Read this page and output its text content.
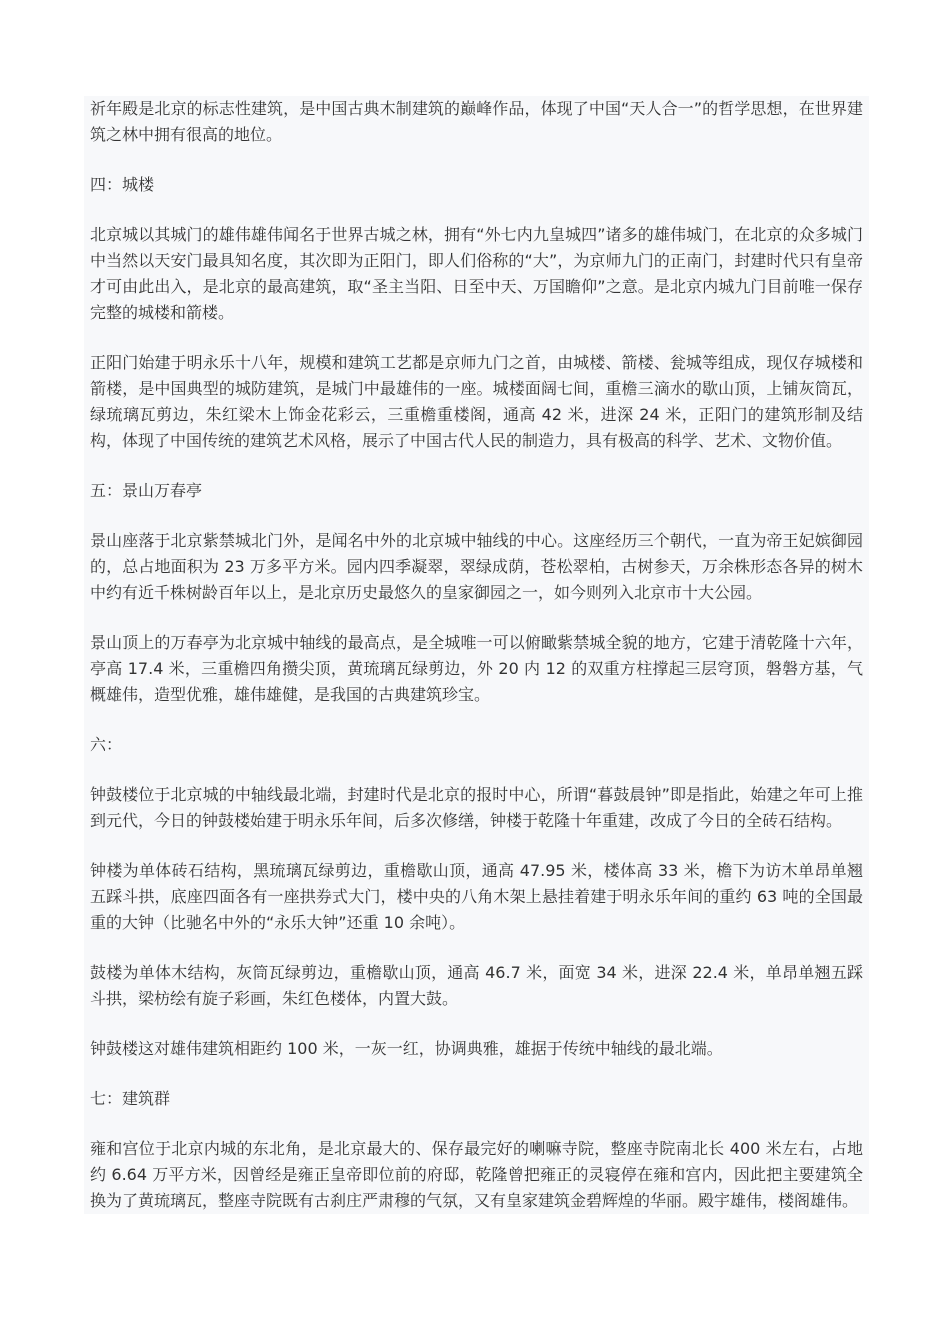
祈年殿是北京的标志性建筑，是中国古典木制建筑的巅峰作品，体现了中国“天人合一”的哲学思想，在世界建筑之林中拥有很高的地位。

四：城楼

北京城以其城门的雄伟雄伟闻名于世界古城之林，拥有“外七内九皇城四”诸多的雄伟城门，在北京的众多城门中当然以天安门最具知名度，其次即为正阳门，即人们俗称的“大”，为京师九门的正南门，封建时代只有皇帝才可由此出入，是北京的最高建筑，取“圣主当阳、日至中天、万国瞻仰”之意。是北京内城九门目前唯一保存完整的城楼和箭楼。

正阳门始建于明永乐十八年，规模和建筑工艺都是京师九门之首，由城楼、箭楼、瓮城等组成，现仅存城楼和箭楼，是中国典型的城防建筑，是城门中最雄伟的一座。城楼面阔七间，重檐三滴水的歇山顶，上铺灰筒瓦，绿琉璃瓦剪边，朱红梁木上饰金花彩云，三重檐重楼阁，通高 42 米，进深 24 米，正阳门的建筑形制及结构，体现了中国传统的建筑艺术风格，展示了中国古代人民的制造力，具有极高的科学、艺术、文物价值。

五：景山万春亭

景山座落于北京紫禁城北门外，是闻名中外的北京城中轴线的中心。这座经历三个朝代，一直为帝王妃嫔御园的，总占地面积为 23 万多平方米。园内四季凝翠，翠绿成荫，苍松翠柏，古树参天，万余株形态各异的树木中约有近千株树龄百年以上，是北京历史最悠久的皇家御园之一，如今则列入北京市十大公园。

景山顶上的万春亭为北京城中轴线的最高点，是全城唯一可以俯瞰紫禁城全貌的地方，它建于清乾隆十六年，亭高 17.4 米，三重檐四角攒尖顶，黄琉璃瓦绿剪边，外 20 内 12 的双重方柱撑起三层穹顶，磐磐方基，气概雄伟，造型优雅，雄伟雄健，是我国的古典建筑珍宝。

六：

钟鼓楼位于北京城的中轴线最北端，封建时代是北京的报时中心，所谓“暮鼓晨钟”即是指此，始建之年可上推到元代，今日的钟鼓楼始建于明永乐年间，后多次修缮，钟楼于乾隆十年重建，改成了今日的全砖石结构。

钟楼为单体砖石结构，黑琉璃瓦绿剪边，重檐歇山顶，通高 47.95 米，楼体高 33 米，檐下为访木单昂单翘五踩斗拱，底座四面各有一座拱券式大门，楼中央的八角木架上悬挂着建于明永乐年间的重约 63 吨的全国最重的大钟（比驰名中外的“永乐大钟”还重 10 余吨）。

鼓楼为单体木结构，灰筒瓦绿剪边，重檐歇山顶，通高 46.7 米，面宽 34 米，进深 22.4 米，单昂单翘五踩斗拱，梁枋绘有旋子彩画，朱红色楼体，内置大鼓。

钟鼓楼这对雄伟建筑相距约 100 米，一灰一红，协调典雅，雄据于传统中轴线的最北端。

七：建筑群

雍和宫位于北京内城的东北角，是北京最大的、保存最完好的喇嘛寺院，整座寺院南北长 400 米左右，占地约 6.64 万平方米，因曾经是雍正皇帝即位前的府邸，乾隆曾把雍正的灵寝停在雍和宫内，因此把主要建筑全换为了黄琉璃瓦，整座寺院既有古刹庄严肃穆的气氛，又有皇家建筑金碧辉煌的华丽。殿宇雄伟，楼阁雄伟。
